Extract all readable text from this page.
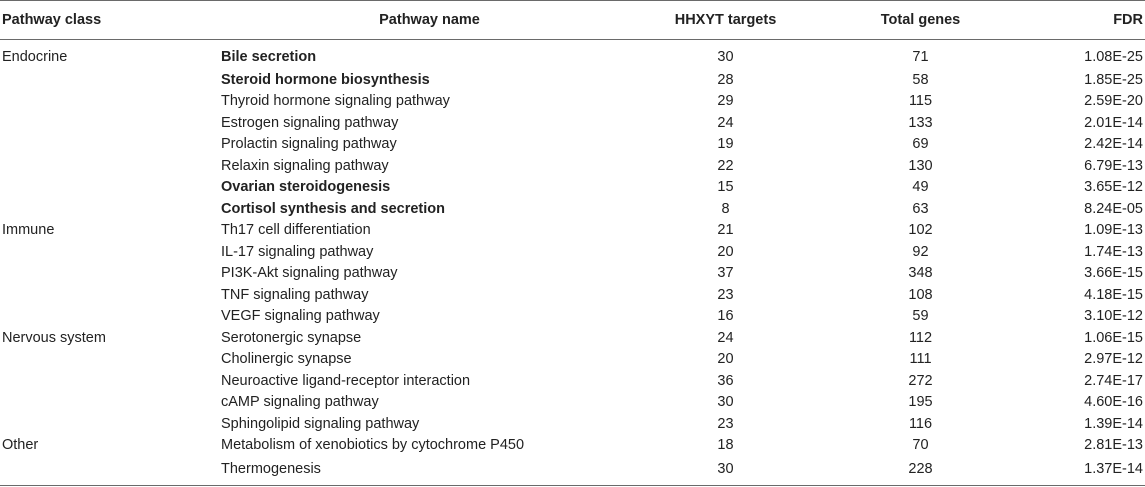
Pathway class	Pathway name	HHXYT targets	Total genes	FDR
Endocrine	Bile secretion	30	71	1.08E-25
	Steroid hormone biosynthesis	28	58	1.85E-25
	Thyroid hormone signaling pathway	29	115	2.59E-20
	Estrogen signaling pathway	24	133	2.01E-14
	Prolactin signaling pathway	19	69	2.42E-14
	Relaxin signaling pathway	22	130	6.79E-13
	Ovarian steroidogenesis	15	49	3.65E-12
	Cortisol synthesis and secretion	8	63	8.24E-05
Immune	Th17 cell differentiation	21	102	1.09E-13
	IL-17 signaling pathway	20	92	1.74E-13
	PI3K-Akt signaling pathway	37	348	3.66E-15
	TNF signaling pathway	23	108	4.18E-15
	VEGF signaling pathway	16	59	3.10E-12
Nervous system	Serotonergic synapse	24	112	1.06E-15
	Cholinergic synapse	20	111	2.97E-12
	Neuroactive ligand-receptor interaction	36	272	2.74E-17
	cAMP signaling pathway	30	195	4.60E-16
	Sphingolipid signaling pathway	23	116	1.39E-14
Other	Metabolism of xenobiotics by cytochrome P450	18	70	2.81E-13
	Thermogenesis	30	228	1.37E-14
